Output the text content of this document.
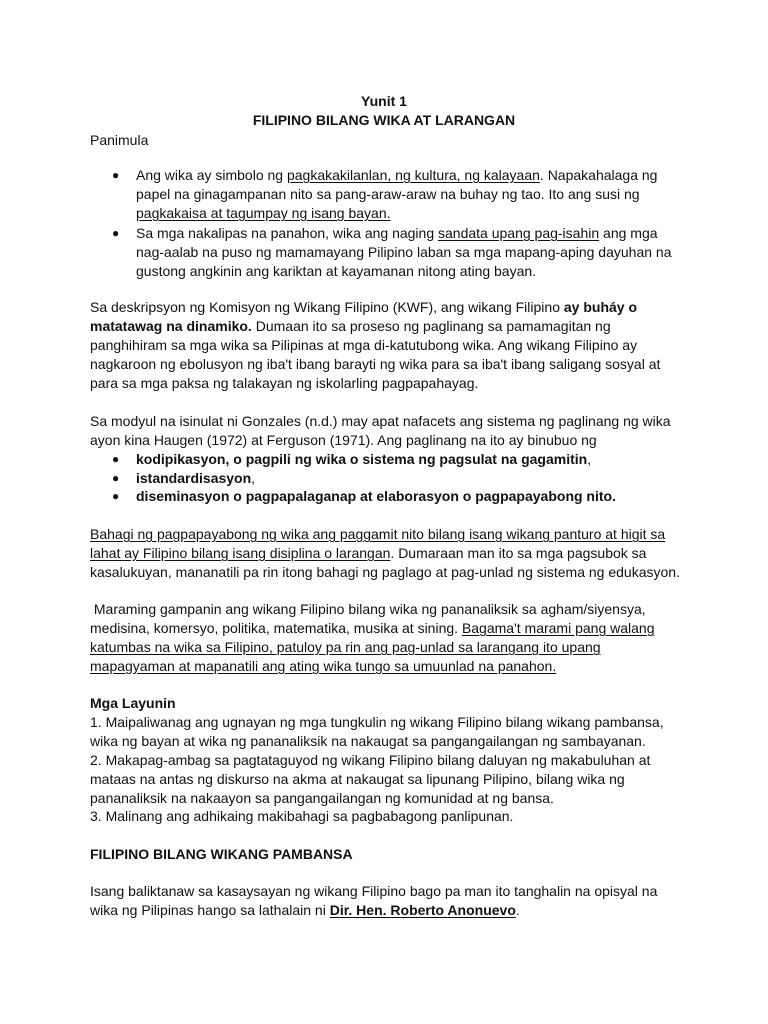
Yunit 1
FILIPINO BILANG WIKA AT LARANGAN
Panimula
● Ang wika ay simbolo ng pagkakakilanlan, ng kultura, ng kalayaan. Napakahalaga ng
papel na ginagampanan nito sa pang-araw-araw na buhay ng tao. Ito ang susi ng
pagkakaisa at tagumpay ng isang bayan.
● Sa mga nakalipas na panahon, wika ang naging sandata upang pag-isahin ang mga
nag-aalab na puso ng mamamayang Pilipino laban sa mga mapang-aping dayuhan na
gustong angkinin ang kariktan at kayamanan nitong ating bayan.
Sa deskripsyon ng Komisyon ng Wikang Filipino (KWF), ang wikang Filipino ay buháy o
matatawag na dinamiko. Dumaan ito sa proseso ng paglinang sa pamamagitan ng
panghihiram sa mga wika sa Pilipinas at mga di-katutubong wika. Ang wikang Filipino ay
nagkaroon ng ebolusyon ng iba't ibang barayti ng wika para sa iba't ibang saligang sosyal at
para sa mga paksa ng talakayan ng iskolarling pagpapahayag.
Sa modyul na isinulat ni Gonzales (n.d.) may apat nafacets ang sistema ng paglinang ng wika
ayon kina Haugen (1972) at Ferguson (1971). Ang paglinang na ito ay binubuo ng
● kodipikasyon, o pagpili ng wika o sistema ng pagsulat na gagamitin,
● istandardisasyon,
● diseminasyon o pagpapalaganap at elaborasyon o pagpapayabong nito.
Bahagi ng pagpapayabong ng wika ang paggamit nito bilang isang wikang panturo at higit sa
lahat ay Filipino bilang isang disiplina o larangan. Dumaraan man ito sa mga pagsubok sa
kasalukuyan, mananatili pa rin itong bahagi ng paglago at pag-unlad ng sistema ng edukasyon.
Maraming gampanin ang wikang Filipino bilang wika ng pananaliksik sa agham/siyensya,
medisina, komersyo, politika, matematika, musika at sining. Bagama't marami pang walang
katumbas na wika sa Filipino, patuloy pa rin ang pag-unlad sa larangang ito upang
mapagyaman at mapanatili ang ating wika tungo sa umuunlad na panahon.
Mga Layunin
1. Maipaliwanag ang ugnayan ng mga tungkulin ng wikang Filipino bilang wikang pambansa,
wika ng bayan at wika ng pananaliksik na nakaugat sa pangangailangan ng sambayanan.
2. Makapag-ambag sa pagtataguyod ng wikang Filipino bilang daluyan ng makabuluhan at
mataas na antas ng diskurso na akma at nakaugat sa lipunang Pilipino, bilang wika ng
pananaliksik na nakaayon sa pangangailangan ng komunidad at ng bansa.
3. Malinang ang adhikaing makibahagi sa pagbabagong panlipunan.
FILIPINO BILANG WIKANG PAMBANSA
Isang baliktanaw sa kasaysayan ng wikang Filipino bago pa man ito tanghalin na opisyal na
wika ng Pilipinas hango sa lathalain ni Dir. Hen. Roberto Anonuevo.
